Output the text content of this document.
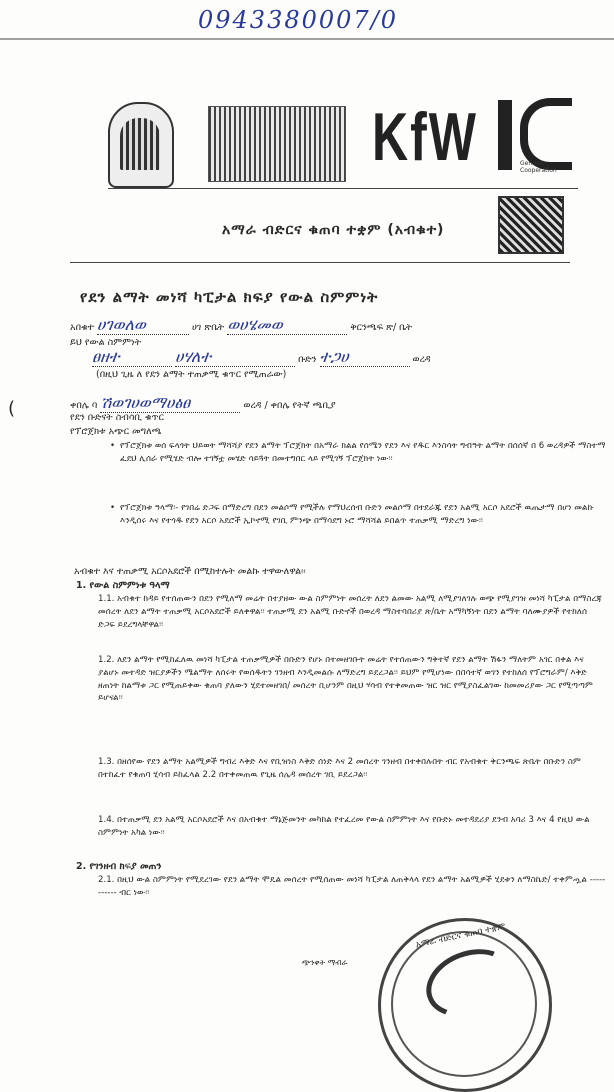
0943380007/0
KfW	German Cooperation
አማራ ብድርና ቁጠባ ተቋም (አብቁተ)
የደን ልማት መነሻ ካፒታል ክፍያ የውል ስምምነት
አበቁተ ሀገወለወ	ሀገ ጽቤት ወሀሄመወ	ቅርንጫፍ ጽ/ ቤት
ይህ የውል ስምምነት
ፀዘተ	ሀሃለተ	ቡድን ተጋሀ	ወረዳ
(በዚህ ጊዜ ለ የደን ልማት ተጠቃሚ ቁጥር የሚጠራው)
(	ቀበሌ ባ ሽወገሀወማሀፅፀ	ወረዳ / ቀበሌ የትኛ ጫቢያ
የደን ቡድናት ስብሳቢ ቁጥር
የፕሮጀክቱ አጭር መግለጫ
• የፕሮጀክቱ ወሰ ፍላጎት ህይወት ማሻሻያ የደን ልማት ፕሮጀክት በአማራ ክልል የሰሜን የደን እና የዱር እንስሳት ግብዓት ልማት በሰሰኛ በ 6 ወረዳዎች ማስተማ ፈደህ ሊሰራ የሚሄድ ብሎ ተገኝቷ መሄድ ሳይጓት በመተግበር ላይ የሚገኝ ፕሮጀክት ነው፡፡
• የፕሮጀክቱ ዓላማ፡- የገበሬ ድጋፍ በማድረግ በደን መልሶማ የሚችሉ የማህረሰብ ቡድን መልሶማ በተደራጁ የደን አልሚ አርሶ አደሮች ዉጤታማ በሆነ መልኩ እንዲሰሩ እና የተጎዱ የደን አርሶ አደሮች ኢኮኖሚ የገቢ ምንጭ በማሳደግ ኑሮ ማሻሻል ይበልጥ ተጠቃሚ ማድረግ ነው፡፡
አብቁተ እና ተጠቃሚ አርሶአደሮች በሚከተሉት መልኩ ተዋውለዋል፡፡
1. የውል ስምምነቱ ዓላማ
1.1. አብቁተ ከዳይ የተሰጠውን በደን የሚለማ መሬት በተያዘው ውል ስምምነት መሰረት ለደን ልመው አልሚ ለሚያገለገሉ ወጭ የሚያገዝ መነሻ ካፒታል በማስረጃ መሰረት ለደን ልማት ተጠቃሚ አርሶአደሮች ይለቀዋል፡፡ ተጠቃሚ ደን አልሚ ቡድኖች በወረዳ ማስተባበሪያ ጽ/ቤት አማካኝነት በደን ልማት ባለሙያዎች የተከለሰ ድጋፍ ይደረግላቸዋል፡፡
1.2. ለደን ልማት የሚከፈለዉ መነሻ ካፒታል ተጠቃሚዎች በቡድን የሆኑ በተመዘገቡት መሬት የተሰጠውን ግቅተኛ የደን ልማት ሽፋን ማለትም አገር በቀል እና ያልሆኑ መተዳድ ዝርያዎችን ሜልማት ለሰሩት የወሰዱትን ገንዘብ እንዲመልሱ ለማድረግ ይደረጋል፡፡ ይህም የሚሆነው በበሳተኛ ወገን የተከለሰ የፕሮግራም/ እቅድ ዘጠነት ከልማቱ ጋር የሚጠይቀው ቁጠባ ያለውን ሂደተመዘገበ/ መሰረት ቢሆንም በዚህ ሃሳብ የተቀመጠው ዝር ዝር የሚያስፈልገው ከመመሪያው ጋር የሚጣጣም ይሆናል፡፡
1.3. በዘሰየው የደን ልማት አልሚዎች ግብረ እቅድ እና የቢዝነስ እቅድ ሰነድ እና 2 መሰረት ገንዘብ በተቀበሉበት ብር የአብቁተ ቅርንጫፍ ጽቤት በቡድን ስም በተከፈተ የቁጠባ ሂሳብ ይከፈላል 2.2 በተቀመጠዉ የጊዜ ሰሌዳ መሰረት ገቢ ይደረጋል፡፡
1.4. በተጠቃሚ ደን አልሚ አርሶአደሮች እና በአብቁተ ማኔጅመንት መካከል የተፈረመ የውል ስምምነት እና የቡድኑ መተዳደሪያ ደንብ አባሪ 3 እና 4 የዚህ ውል ስምምነት አካል ነው፡፡
2. የገንዘብ ክፍያ መጠን
2.1. በዚህ ውል ስምምነት የሚደረገው የደን ልማት ሞዴል መሰረት የሚሰጠው መነሻ ካፒታል ለጠቅላላ የደን ልማት አልሚዎች ሂደቱን ለማስኬድ/ ተቀምጧል ----------- ብር ነው፡፡
ጭንቀት ማብራ
አማራ ብድርና ቁጠባ ተቋም
